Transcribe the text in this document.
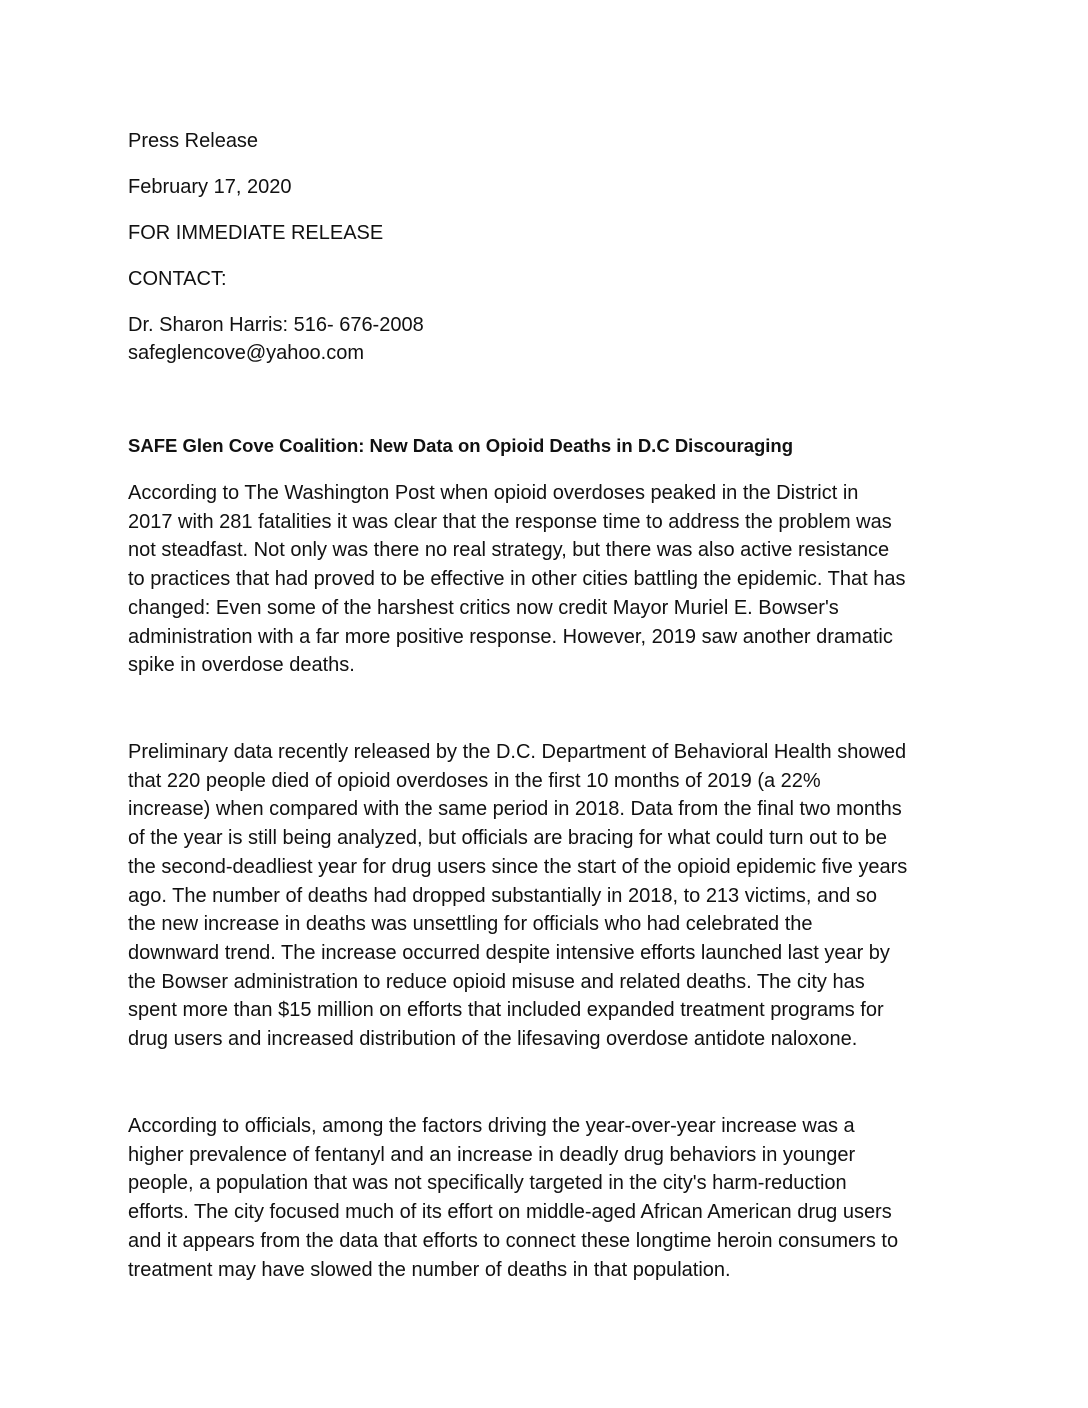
Press Release
February 17, 2020
FOR IMMEDIATE RELEASE
CONTACT:
Dr. Sharon Harris: 516- 676-2008
safeglencove@yahoo.com
SAFE Glen Cove Coalition: New Data on Opioid Deaths in D.C Discouraging
According to The Washington Post when opioid overdoses peaked in the District in
2017 with 281 fatalities it was clear that the response time to address the problem was
not steadfast. Not only was there no real strategy, but there was also active resistance
to practices that had proved to be effective in other cities battling the epidemic. That has
changed: Even some of the harshest critics now credit Mayor Muriel E. Bowser's
administration with a far more positive response. However, 2019 saw another dramatic
spike in overdose deaths.
Preliminary data recently released by the D.C. Department of Behavioral Health showed
that 220 people died of opioid overdoses in the first 10 months of 2019 (a 22%
increase) when compared with the same period in 2018. Data from the final two months
of the year is still being analyzed, but officials are bracing for what could turn out to be
the second-deadliest year for drug users since the start of the opioid epidemic five years
ago. The number of deaths had dropped substantially in 2018, to 213 victims, and so
the new increase in deaths was unsettling for officials who had celebrated the
downward trend. The increase occurred despite intensive efforts launched last year by
the Bowser administration to reduce opioid misuse and related deaths. The city has
spent more than $15 million on efforts that included expanded treatment programs for
drug users and increased distribution of the lifesaving overdose antidote naloxone.
According to officials, among the factors driving the year-over-year increase was a
higher prevalence of fentanyl and an increase in deadly drug behaviors in younger
people, a population that was not specifically targeted in the city's harm-reduction
efforts. The city focused much of its effort on middle-aged African American drug users
and it appears from the data that efforts to connect these longtime heroin consumers to
treatment may have slowed the number of deaths in that population.
